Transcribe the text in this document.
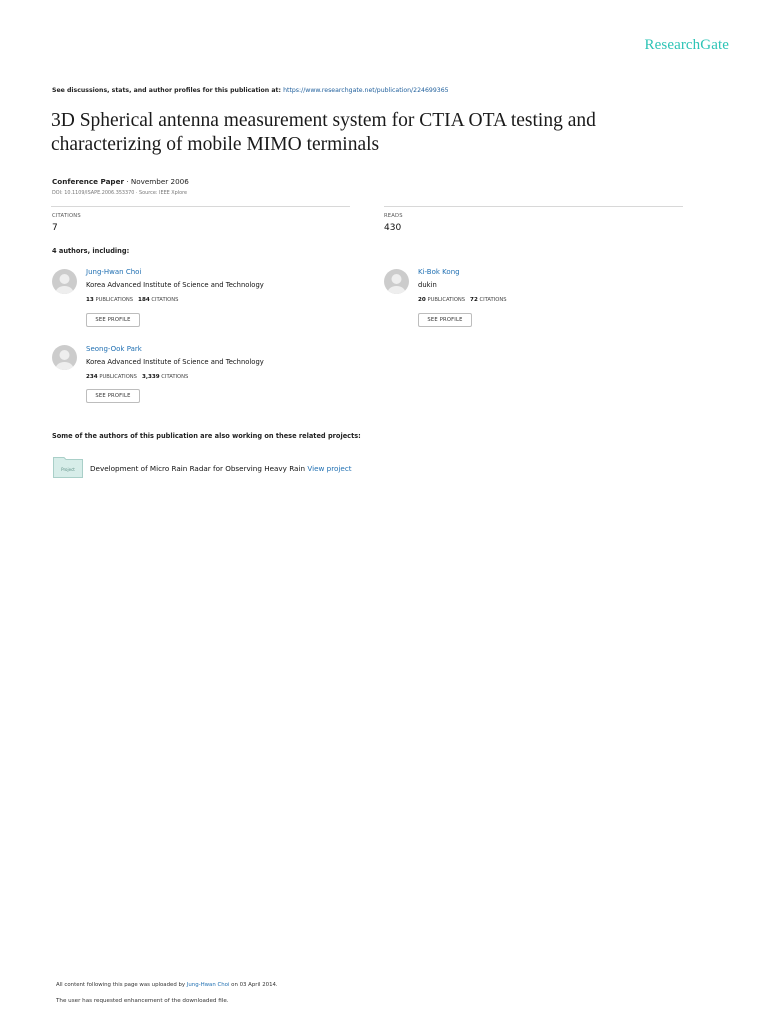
ResearchGate
See discussions, stats, and author profiles for this publication at: https://www.researchgate.net/publication/224699365
3D Spherical antenna measurement system for CTIA OTA testing and characterizing of mobile MIMO terminals
Conference Paper · November 2006
DOI: 10.1109/ISAPE.2006.353370 · Source: IEEE Xplore
CITATIONS
7
READS
430
4 authors, including:
Jung-Hwan Choi
Korea Advanced Institute of Science and Technology
13 PUBLICATIONS 184 CITATIONS
SEE PROFILE
Ki-Bok Kong
dukin
20 PUBLICATIONS 72 CITATIONS
SEE PROFILE
Seong-Ook Park
Korea Advanced Institute of Science and Technology
234 PUBLICATIONS 3,339 CITATIONS
SEE PROFILE
Some of the authors of this publication are also working on these related projects:
Project Development of Micro Rain Radar for Observing Heavy Rain View project
All content following this page was uploaded by Jung-Hwan Choi on 03 April 2014.
The user has requested enhancement of the downloaded file.
